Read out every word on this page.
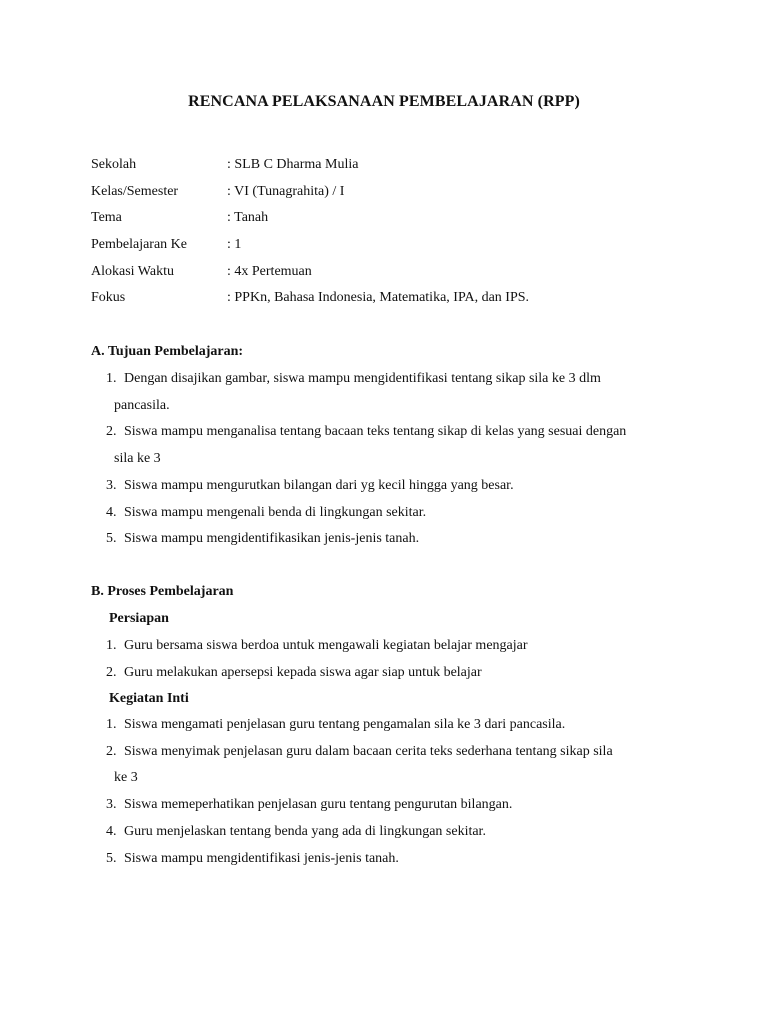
RENCANA PELAKSANAAN PEMBELAJARAN (RPP)
Sekolah	: SLB C Dharma Mulia
Kelas/Semester	: VI (Tunagrahita) / I
Tema	: Tanah
Pembelajaran Ke	: 1
Alokasi Waktu	: 4x Pertemuan
Fokus	: PPKn, Bahasa Indonesia, Matematika, IPA, dan IPS.
A. Tujuan Pembelajaran:
1. Dengan disajikan gambar, siswa mampu mengidentifikasi tentang sikap sila ke 3 dlm
pancasila.
2. Siswa mampu menganalisa tentang bacaan teks tentang sikap di kelas yang sesuai dengan
sila ke 3
3. Siswa mampu mengurutkan bilangan dari yg kecil hingga yang besar.
4. Siswa mampu mengenali benda di lingkungan sekitar.
5. Siswa mampu mengidentifikasikan jenis-jenis tanah.
B. Proses Pembelajaran
Persiapan
1. Guru bersama siswa berdoa untuk mengawali kegiatan belajar mengajar
2. Guru melakukan apersepsi kepada siswa agar siap untuk belajar
Kegiatan Inti
1. Siswa mengamati penjelasan guru tentang pengamalan sila ke 3 dari pancasila.
2. Siswa menyimak penjelasan guru dalam bacaan cerita teks sederhana tentang sikap sila
ke 3
3. Siswa memeperhatikan penjelasan guru tentang pengurutan bilangan.
4. Guru menjelaskan tentang benda yang ada di lingkungan sekitar.
5. Siswa mampu mengidentifikasi jenis-jenis tanah.
